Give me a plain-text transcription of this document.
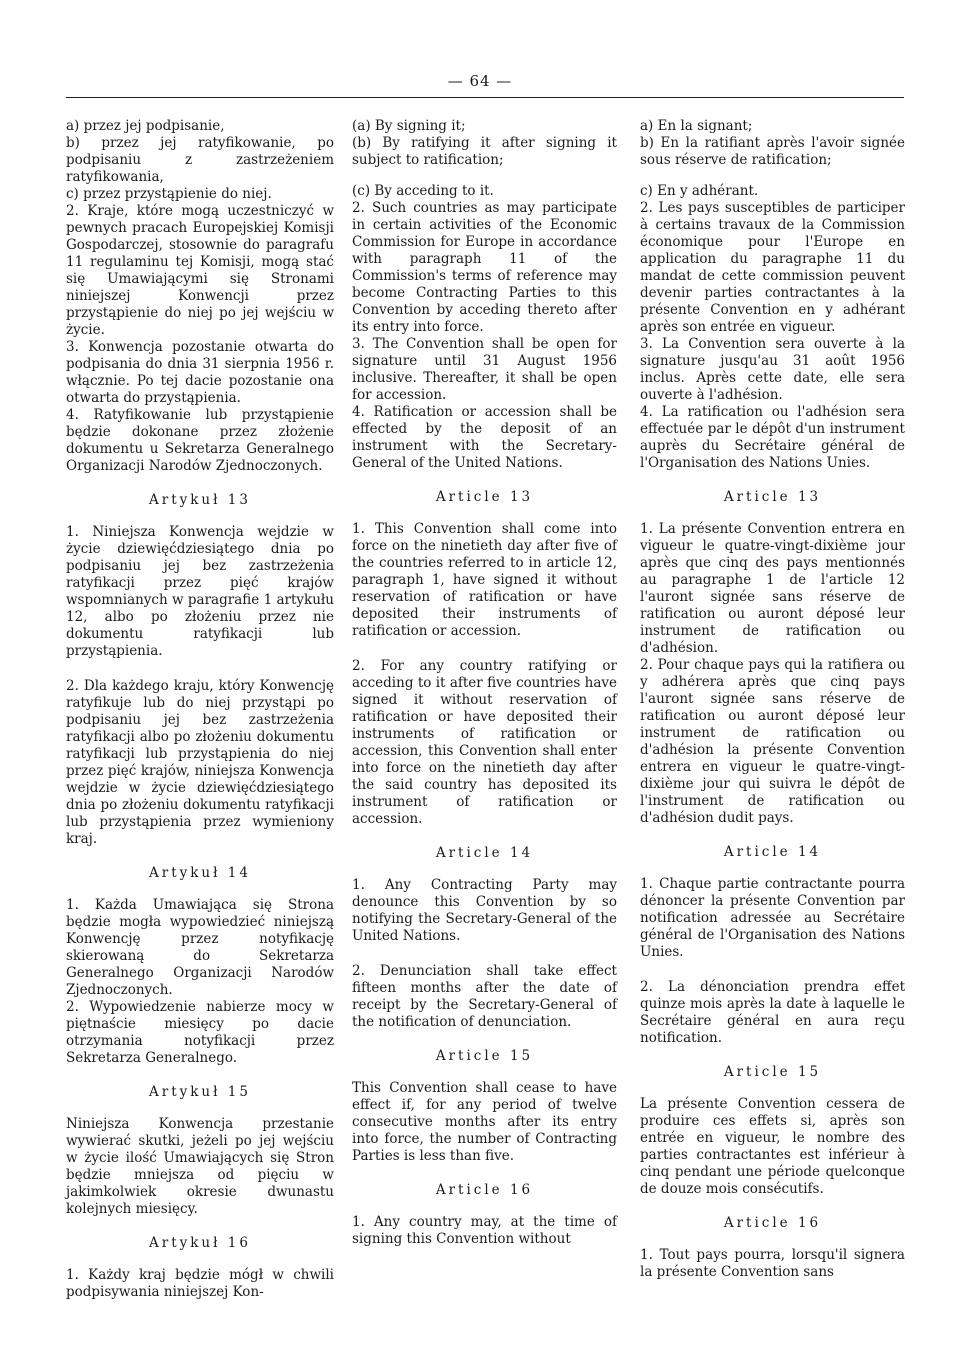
— 64 —

a) przez jej podpisanie,

b) przez jej ratyfikowanie, po podpisaniu z zastrzeżeniem ratyfikowania,

c) przez przystąpienie do niej.

2. Kraje, które mogą uczestniczyć w pewnych pracach Europejskiej Komisji Gospodarczej, stosownie do paragrafu 11 regulaminu tej Komisji, mogą stać się Umawiającymi się Stronami niniejszej Konwencji przez przystąpienie do niej po jej wejściu w życie.

3. Konwencja pozostanie otwarta do podpisania do dnia 31 sierpnia 1956 r. włącznie. Po tej dacie pozostanie ona otwarta do przystąpienia.

4. Ratyfikowanie lub przystąpienie będzie dokonane przez złożenie dokumentu u Sekretarza Generalnego Organizacji Narodów Zjednoczonych.

Artykuł 13

1. Niniejsza Konwencja wejdzie w życie dziewięćdziesiątego dnia po podpisaniu jej bez zastrzeżenia ratyfikacji przez pięć krajów wspomnianych w paragrafie 1 artykułu 12, albo po złożeniu przez nie dokumentu ratyfikacji lub przystąpienia.

2. Dla każdego kraju, który Konwencję ratyfikuje lub do niej przystąpi po podpisaniu jej bez zastrzeżenia ratyfikacji albo po złożeniu dokumentu ratyfikacji lub przystąpienia do niej przez pięć krajów, niniejsza Konwencja wejdzie w życie dziewięćdziesiątego dnia po złożeniu dokumentu ratyfikacji lub przystąpienia przez wymieniony kraj.

Artykuł 14

1. Każda Umawiająca się Strona będzie mogła wypowiedzieć niniejszą Konwencję przez notyfikację skierowaną do Sekretarza Generalnego Organizacji Narodów Zjednoczonych.

2. Wypowiedzenie nabierze mocy w piętnaście miesięcy po dacie otrzymania notyfikacji przez Sekretarza Generalnego.

Artykuł 15

Niniejsza Konwencja przestanie wywierać skutki, jeżeli po jej wejściu w życie ilość Umawiających się Stron będzie mniejsza od pięciu w jakimkolwiek okresie dwunastu kolejnych miesięcy.

Artykuł 16

1. Każdy kraj będzie mógł w chwili podpisywania niniejszej Kon-

(a) By signing it;

(b) By ratifying it after signing it subject to ratification;

(c) By acceding to it.

2. Such countries as may participate in certain activities of the Economic Commission for Europe in accordance with paragraph 11 of the Commission's terms of reference may become Contracting Parties to this Convention by acceding thereto after its entry into force.

3. The Convention shall be open for signature until 31 August 1956 inclusive. Thereafter, it shall be open for accession.

4. Ratification or accession shall be effected by the deposit of an instrument with the Secretary-General of the United Nations.

Article 13

1. This Convention shall come into force on the ninetieth day after five of the countries referred to in article 12, paragraph 1, have signed it without reservation of ratification or have deposited their instruments of ratification or accession.

2. For any country ratifying or acceding to it after five countries have signed it without reservation of ratification or have deposited their instruments of ratification or accession, this Convention shall enter into force on the ninetieth day after the said country has deposited its instrument of ratification or accession.

Article 14

1. Any Contracting Party may denounce this Convention by so notifying the Secretary-General of the United Nations.

2. Denunciation shall take effect fifteen months after the date of receipt by the Secretary-General of the notification of denunciation.

Article 15

This Convention shall cease to have effect if, for any period of twelve consecutive months after its entry into force, the number of Contracting Parties is less than five.

Article 16

1. Any country may, at the time of signing this Convention without

a) En la signant;

b) En la ratifiant après l'avoir signée sous réserve de ratification;

c) En y adhérant.

2. Les pays susceptibles de participer à certains travaux de la Commission économique pour l'Europe en application du paragraphe 11 du mandat de cette commission peuvent devenir parties contractantes à la présente Convention en y adhérant après son entrée en vigueur.

3. La Convention sera ouverte à la signature jusqu'au 31 août 1956 inclus. Après cette date, elle sera ouverte à l'adhésion.

4. La ratification ou l'adhésion sera effectuée par le dépôt d'un instrument auprès du Secrétaire général de l'Organisation des Nations Unies.

Article 13

1. La présente Convention entrera en vigueur le quatre-vingt-dixième jour après que cinq des pays mentionnés au paragraphe 1 de l'article 12 l'auront signée sans réserve de ratification ou auront déposé leur instrument de ratification ou d'adhésion.

2. Pour chaque pays qui la ratifiera ou y adhérera après que cinq pays l'auront signée sans réserve de ratification ou auront déposé leur instrument de ratification ou d'adhésion la présente Convention entrera en vigueur le quatre-vingt-dixième jour qui suivra le dépôt de l'instrument de ratification ou d'adhésion dudit pays.

Article 14

1. Chaque partie contractante pourra dénoncer la présente Convention par notification adressée au Secrétaire général de l'Organisation des Nations Unies.

2. La dénonciation prendra effet quinze mois après la date à laquelle le Secrétaire général en aura reçu notification.

Article 15

La présente Convention cessera de produire ces effets si, après son entrée en vigueur, le nombre des parties contractantes est inférieur à cinq pendant une période quelconque de douze mois consécutifs.

Article 16

1. Tout pays pourra, lorsqu'il signera la présente Convention sans
